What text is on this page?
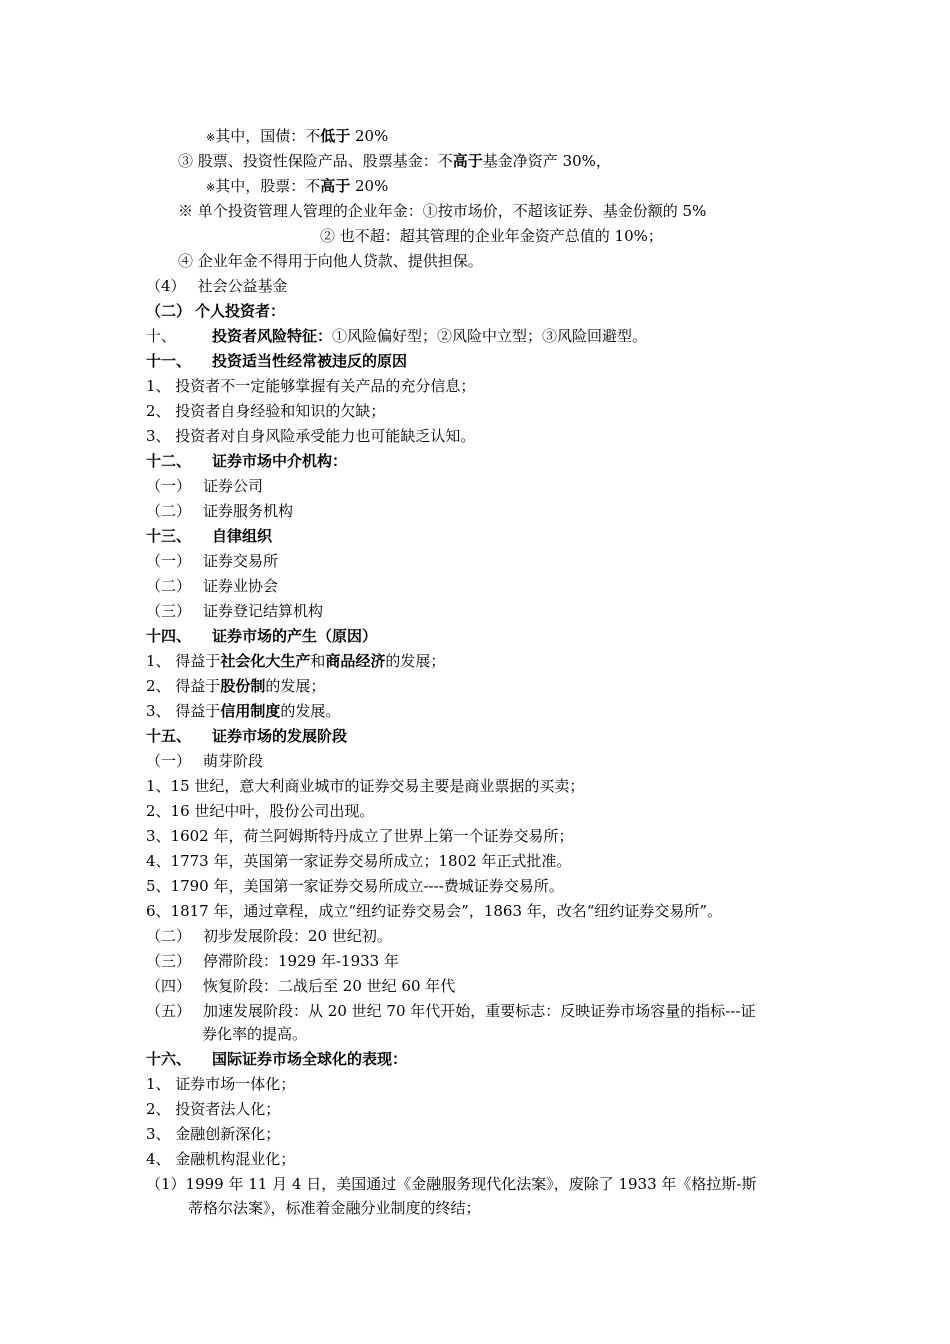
※其中，国债：不低于 20%
③ 股票、投资性保险产品、股票基金：不高于基金净资产 30%，
※其中，股票：不高于 20%
※ 单个投资管理人管理的企业年金：①按市场价，不超该证券、基金份额的 5%
② 也不超：超其管理的企业年金资产总值的 10%；
④ 企业年金不得用于向他人贷款、提供担保。
（4） 社会公益基金
（二） 个人投资者：
十、 投资者风险特征：①风险偏好型；②风险中立型；③风险回避型。
十一、 投资适当性经常被违反的原因
1、 投资者不一定能够掌握有关产品的充分信息；
2、 投资者自身经验和知识的欠缺；
3、 投资者对自身风险承受能力也可能缺乏认知。
十二、 证券市场中介机构：
（一） 证券公司
（二） 证券服务机构
十三、 自律组织
（一） 证券交易所
（二） 证券业协会
（三） 证券登记结算机构
十四、 证券市场的产生（原因）
1、 得益于社会化大生产和商品经济的发展；
2、 得益于股份制的发展；
3、 得益于信用制度的发展。
十五、 证券市场的发展阶段
（一） 萌芽阶段
1、15 世纪，意大利商业城市的证券交易主要是商业票据的买卖；
2、16 世纪中叶，股份公司出现。
3、1602 年，荷兰阿姆斯特丹成立了世界上第一个证券交易所；
4、1773 年，英国第一家证券交易所成立；1802 年正式批准。
5、1790 年，美国第一家证券交易所成立----费城证券交易所。
6、1817 年，通过章程，成立“纽约证券交易会”，1863 年，改名“纽约证券交易所”。
（二） 初步发展阶段：20 世纪初。
（三） 停滞阶段：1929 年-1933 年
（四） 恢复阶段：二战后至 20 世纪 60 年代
（五） 加速发展阶段：从 20 世纪 70 年代开始，重要标志：反映证券市场容量的指标---证
券化率的提高。
十六、 国际证券市场全球化的表现：
1、 证券市场一体化；
2、 投资者法人化；
3、 金融创新深化；
4、 金融机构混业化；
（1）1999 年 11 月 4 日，美国通过《金融服务现代化法案》，废除了 1933 年《格拉斯-斯
蒂格尔法案》，标准着金融分业制度的终结；
